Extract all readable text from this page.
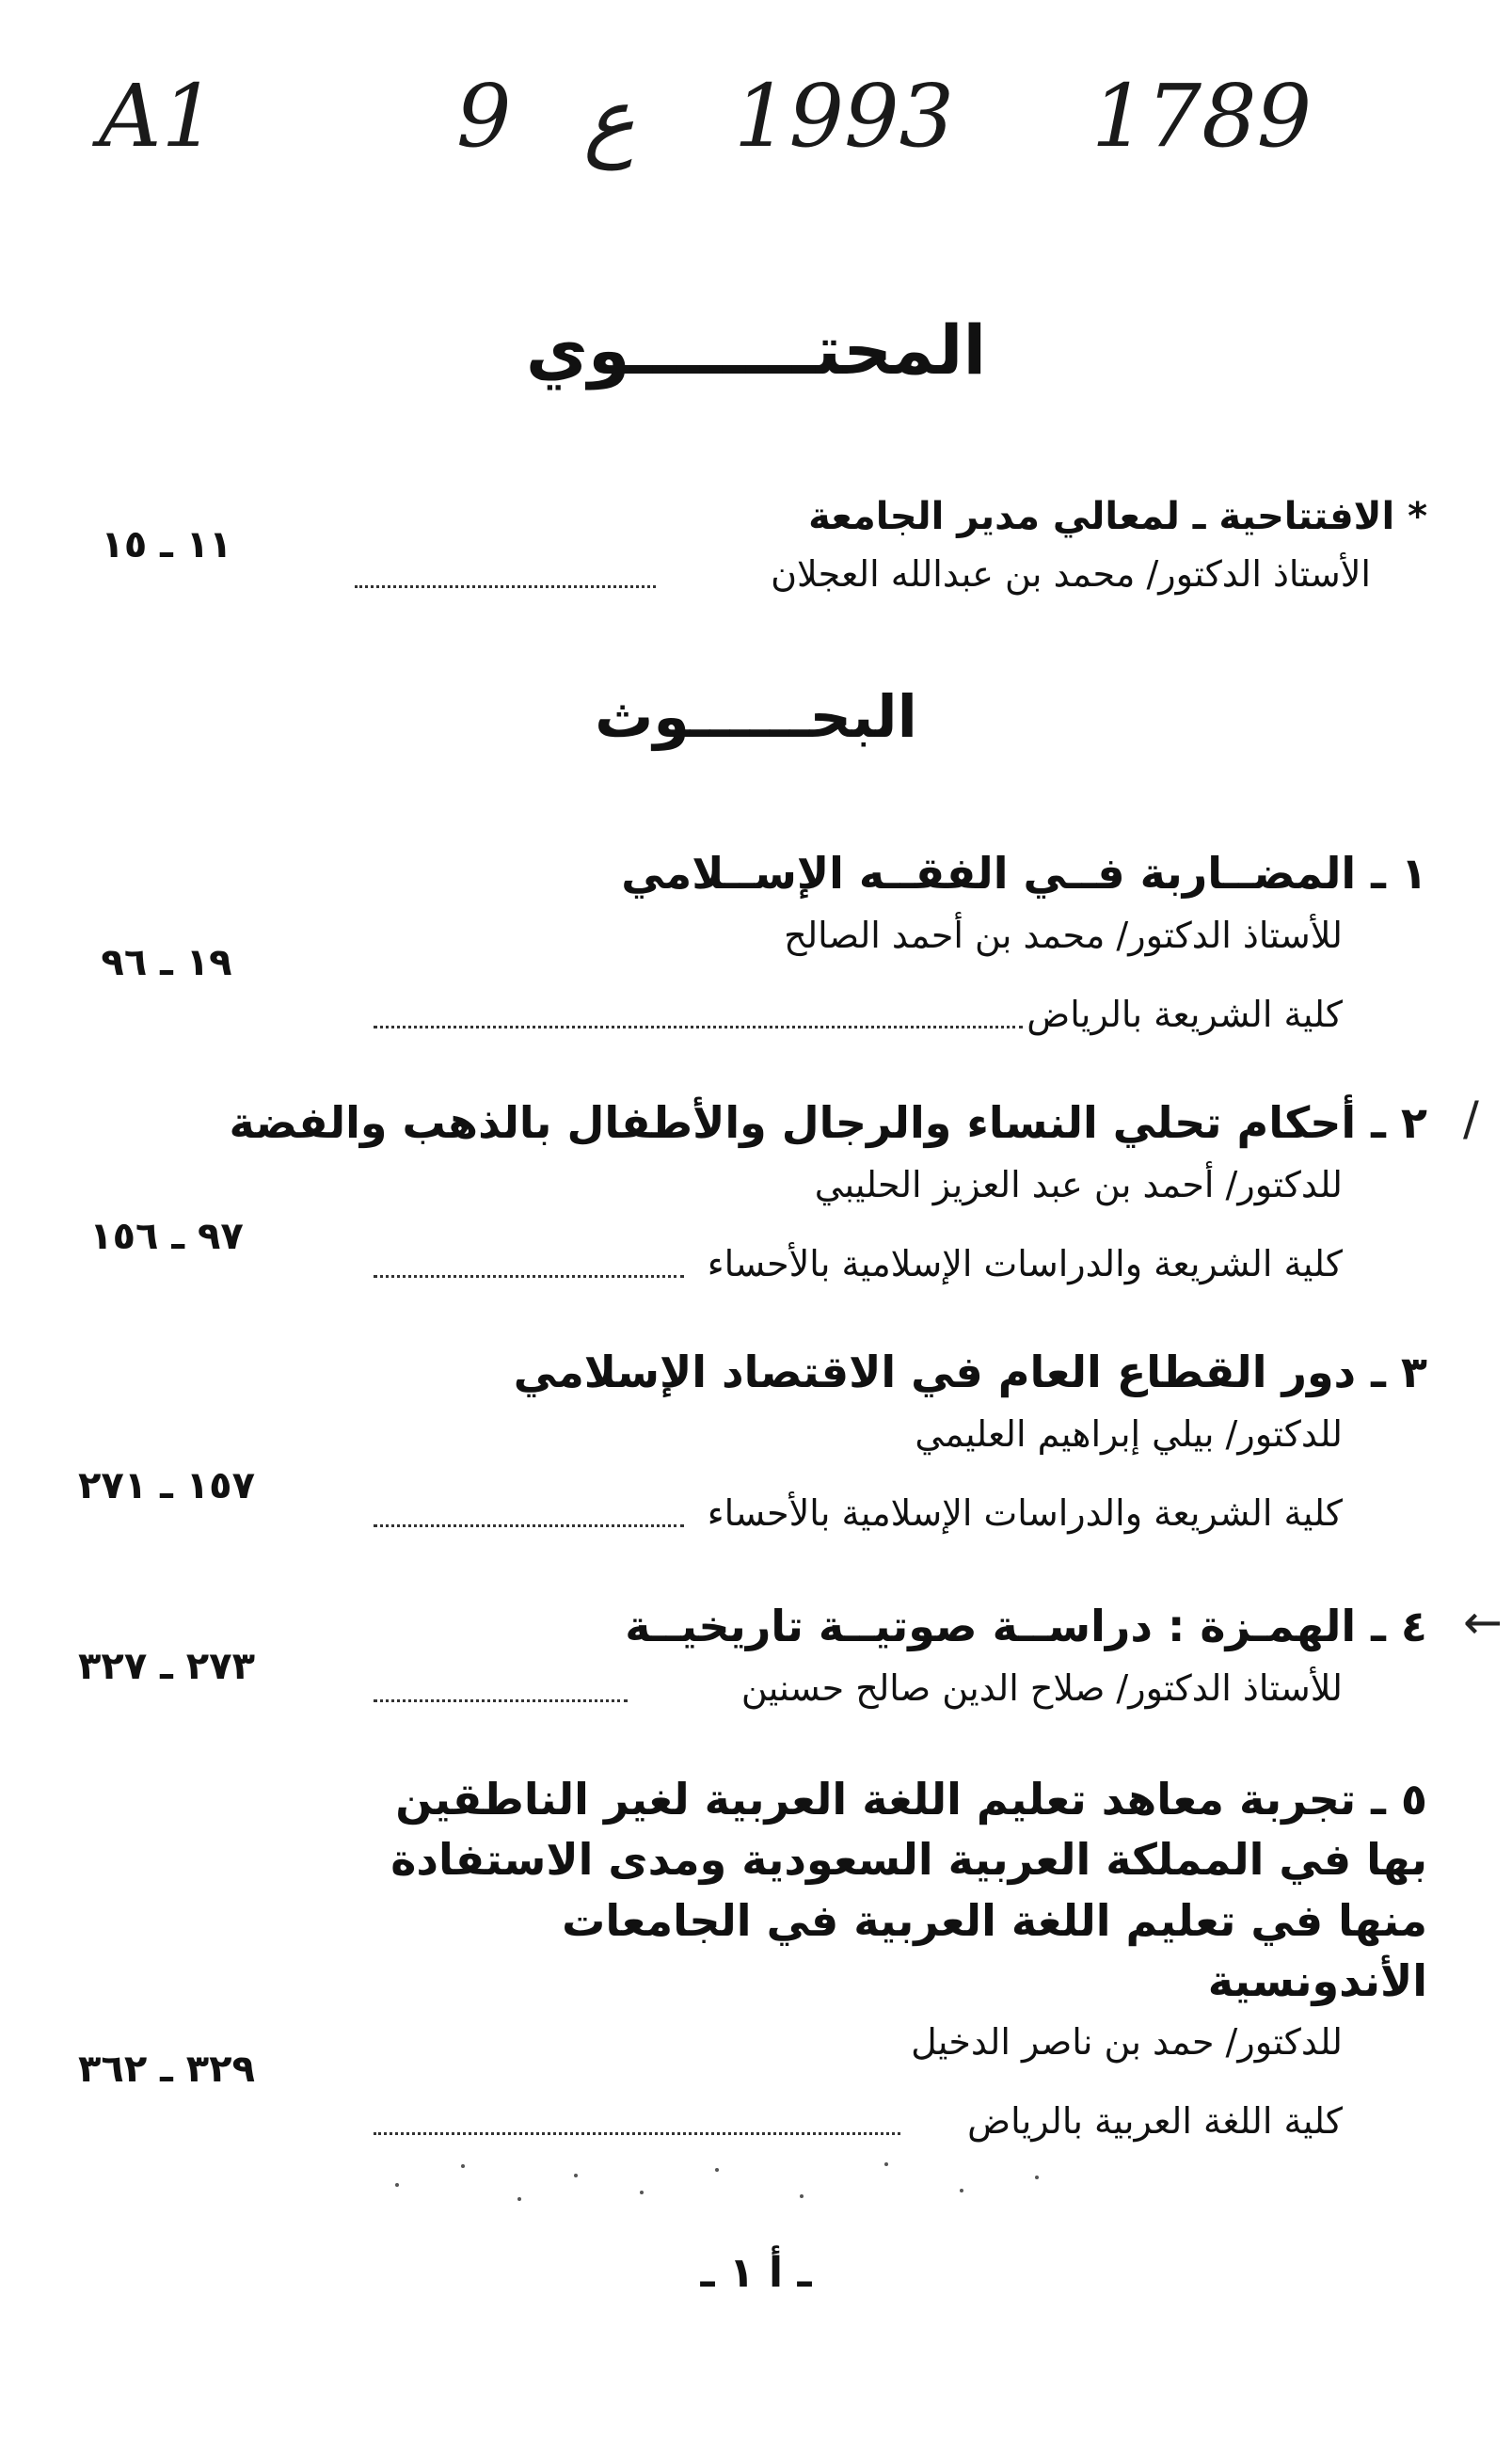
A1	9 ع 1993 1789
المحتــــــــوي
* الافتتاحية ـ لمعالي مدير الجامعة
الأستاذ الدكتور/ محمد بن عبدالله العجلان
١١ ـ ١٥
البحــــــوث
١ ـ المضــاربة فــي الفقــه الإســلامي
للأستاذ الدكتور/ محمد بن أحمد الصالح
كلية الشريعة بالرياض
١٩ ـ ٩٦
٢ ـ أحكام تحلي النساء والرجال والأطفال بالذهب والفضة
للدكتور/ أحمد بن عبد العزيز الحليبي
كلية الشريعة والدراسات الإسلامية بالأحساء
٩٧ ـ ١٥٦
/
٣ ـ دور القطاع العام في الاقتصاد الإسلامي
للدكتور/ بيلي إبراهيم العليمي
كلية الشريعة والدراسات الإسلامية بالأحساء
١٥٧ ـ ٢٧١
٤ ـ الهمـزة : دراســة صوتيــة تاريخيــة
للأستاذ الدكتور/ صلاح الدين صالح حسنين
٢٧٣ ـ ٣٢٧
←
٥ ـ تجربة معاهد تعليم اللغة العربية لغير الناطقين بها في المملكة العربية السعودية ومدى الاستفادة منها في تعليم اللغة العربية في الجامعات الأندونسية
للدكتور/ حمد بن ناصر الدخيل
كلية اللغة العربية بالرياض
٣٢٩ ـ ٣٦٢
ـ أ ١ ـ
